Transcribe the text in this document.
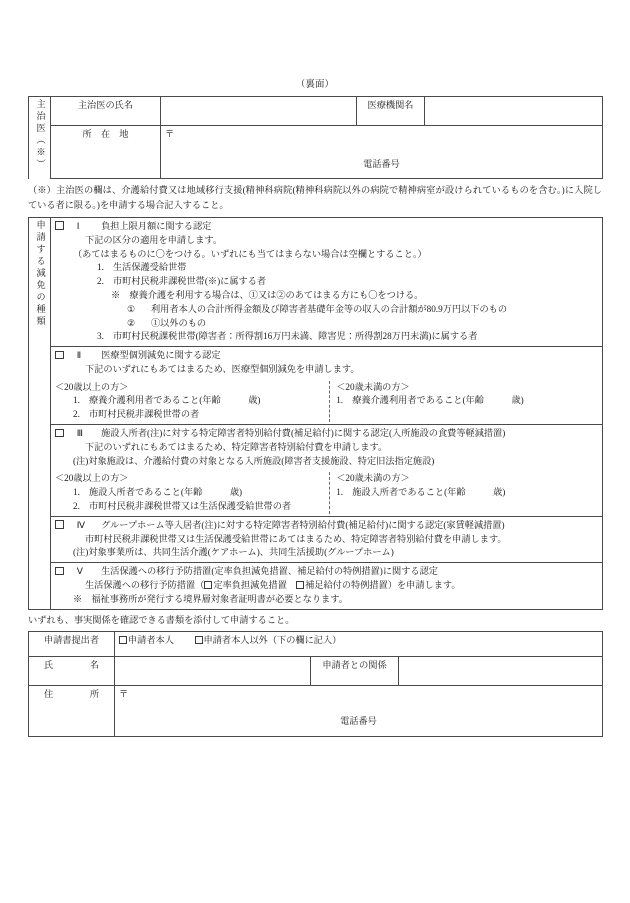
（裏面）
主治医（※）	主治医の氏名		医療機関名	
	所　在　地	〒
電話番号		
（※）主治医の欄は、介護給付費又は地域移行支援(精神科病院(精神科病院以外の病院で精神病室が設けられているものを含む。)に入院している者に限る。)を申請する場合記入すること。
申請する減免の種類	Ⅰ 負担上限月額に関する認定
下記の区分の適用を申請します。
（あてはまるものに〇をつける。いずれにも当てはまらない場合は空欄とすること。）
1. 生活保護受給世帯
2. 市町村民税非課税世帯(※)に属する者
※　療養介護を利用する場合は、①又は②のあてはまる方にも〇をつける。
① 利用者本人の合計所得金額及び障害者基礎年金等の収入の合計額が80.9万円以下のもの
② ①以外のもの
3. 市町村民税課税世帯(障害者：所得割16万円未満、障害児：所得割28万円未満)に属する者

Ⅱ 医療型個別減免に関する認定
下記のいずれにもあてはまるため、医療型個別減免を申請します。

＜20歳以上の方＞
1. 療養介護利用者であること(年齢　　　歳)
2. 市町村民税非課税世帯の者
＜20歳未満の方＞
1. 療養介護利用者であること(年齢　　　歳)

Ⅲ 施設入所者(注)に対する特定障害者特別給付費(補足給付)に関する認定(入所施設の食費等軽減措置)
下記のいずれにもあてはまるため、特定障害者特別給付費を申請します。
(注)対象施設は、介護給付費の対象となる入所施設(障害者支援施設、特定旧法指定施設)

＜20歳以上の方＞
1. 施設入所者であること(年齢　　　歳)
2. 市町村民税非課税世帯又は生活保護受給世帯の者
＜20歳未満の方＞
1. 施設入所者であること(年齢　　　歳)

Ⅳ グループホーム等入居者(注)に対する特定障害者特別給付費(補足給付)に関する認定(家賃軽減措置)
市町村民税非課税世帯又は生活保護受給世帯にあてはまるため、特定障害者特別給付費を申請します。
(注)対象事業所は、共同生活介護(ケアホーム)、共同生活援助(グループホーム)

Ⅴ 生活保護への移行予防措置(定率負担減免措置、補足給付の特例措置)に関する認定
生活保護への移行予防措置（ 定率負担減免措置　 補足給付の特例措置）を申請します。
※　福祉事務所が発行する境界層対象者証明書が必要となります。
いずれも、事実関係を確認できる書類を添付して申請すること。
申請書提出者	申請者本人 申請者本人以外（下の欄に記入）		
氏　　　　名		申請者との関係	
住　　　　所	〒
電話番号		
